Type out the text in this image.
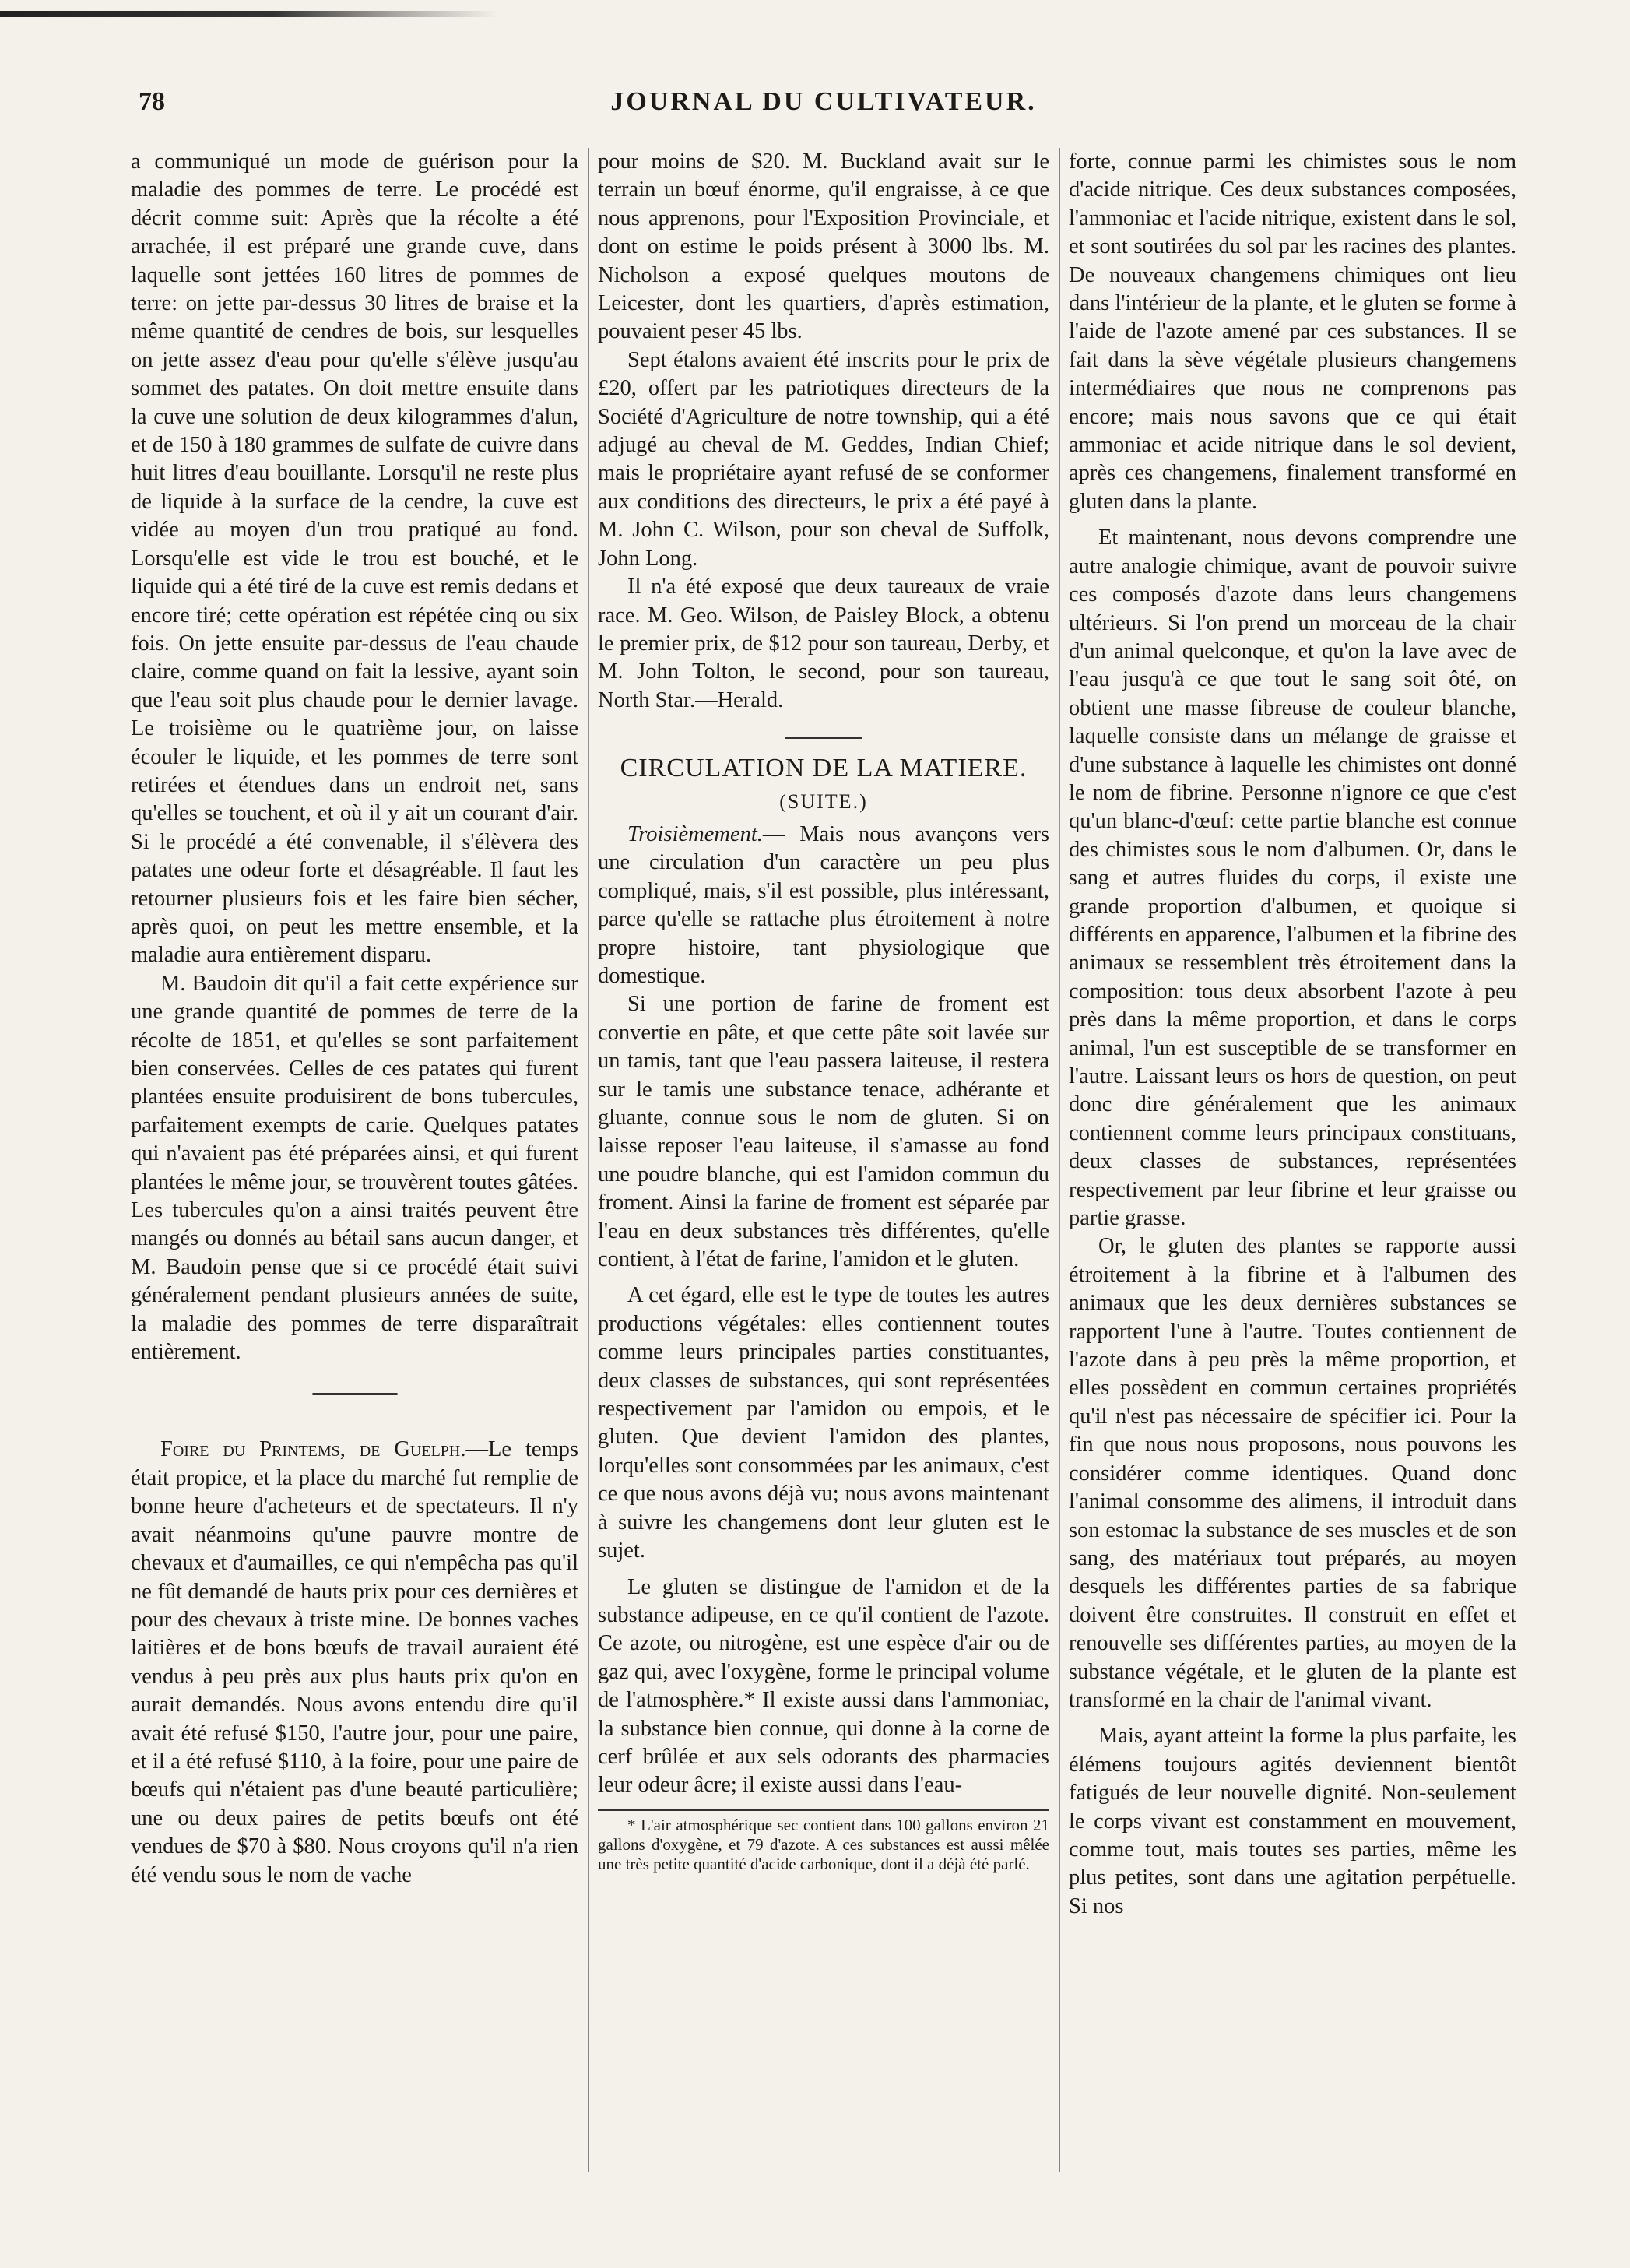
78	JOURNAL DU CULTIVATEUR.

a communiqué un mode de guérison pour la maladie des pommes de terre. Le procédé est décrit comme suit: Après que la récolte a été arrachée, il est préparé une grande cuve, dans laquelle sont jettées 160 litres de pommes de terre: on jette par-dessus 30 litres de braise et la même quantité de cendres de bois, sur lesquelles on jette assez d'eau pour qu'elle s'élève jusqu'au sommet des patates. On doit mettre ensuite dans la cuve une solution de deux kilogrammes d'alun, et de 150 à 180 grammes de sulfate de cuivre dans huit litres d'eau bouillante. Lorsqu'il ne reste plus de liquide à la surface de la cendre, la cuve est vidée au moyen d'un trou pratiqué au fond. Lorsqu'elle est vide le trou est bouché, et le liquide qui a été tiré de la cuve est remis dedans et encore tiré; cette opération est répétée cinq ou six fois. On jette ensuite par-dessus de l'eau chaude claire, comme quand on fait la lessive, ayant soin que l'eau soit plus chaude pour le dernier lavage. Le troisième ou le quatrième jour, on laisse écouler le liquide, et les pommes de terre sont retirées et étendues dans un endroit net, sans qu'elles se touchent, et où il y ait un courant d'air. Si le procédé a été convenable, il s'élèvera des patates une odeur forte et désagréable. Il faut les retourner plusieurs fois et les faire bien sécher, après quoi, on peut les mettre ensemble, et la maladie aura entièrement disparu.

M. Baudoin dit qu'il a fait cette expérience sur une grande quantité de pommes de terre de la récolte de 1851, et qu'elles se sont parfaitement bien conservées. Celles de ces patates qui furent plantées ensuite produisirent de bons tubercules, parfaitement exempts de carie. Quelques patates qui n'avaient pas été préparées ainsi, et qui furent plantées le même jour, se trouvèrent toutes gâtées. Les tubercules qu'on a ainsi traités peuvent être mangés ou donnés au bétail sans aucun danger, et M. Baudoin pense que si ce procédé était suivi généralement pendant plusieurs années de suite, la maladie des pommes de terre disparaîtrait entièrement.

Foire du Printems, de Guelph.—Le temps était propice, et la place du marché fut remplie de bonne heure d'acheteurs et de spectateurs. Il n'y avait néanmoins qu'une pauvre montre de chevaux et d'aumailles, ce qui n'empêcha pas qu'il ne fût demandé de hauts prix pour ces dernières et pour des chevaux à triste mine. De bonnes vaches laitières et de bons bœufs de travail auraient été vendus à peu près aux plus hauts prix qu'on en aurait demandés. Nous avons entendu dire qu'il avait été refusé $150, l'autre jour, pour une paire, et il a été refusé $110, à la foire, pour une paire de bœufs qui n'étaient pas d'une beauté particulière; une ou deux paires de petits bœufs ont été vendues de $70 à $80. Nous croyons qu'il n'a rien été vendu sous le nom de vache

pour moins de $20. M. Buckland avait sur le terrain un bœuf énorme, qu'il engraisse, à ce que nous apprenons, pour l'Exposition Provinciale, et dont on estime le poids présent à 3000 lbs. M. Nicholson a exposé quelques moutons de Leicester, dont les quartiers, d'après estimation, pouvaient peser 45 lbs.

Sept étalons avaient été inscrits pour le prix de £20, offert par les patriotiques directeurs de la Société d'Agriculture de notre township, qui a été adjugé au cheval de M. Geddes, Indian Chief; mais le propriétaire ayant refusé de se conformer aux conditions des directeurs, le prix a été payé à M. John C. Wilson, pour son cheval de Suffolk, John Long.

Il n'a été exposé que deux taureaux de vraie race. M. Geo. Wilson, de Paisley Block, a obtenu le premier prix, de $12 pour son taureau, Derby, et M. John Tolton, le second, pour son taureau, North Star.—Herald.

CIRCULATION DE LA MATIERE.
(SUITE.)

Troisièmement.— Mais nous avançons vers une circulation d'un caractère un peu plus compliqué, mais, s'il est possible, plus intéressant, parce qu'elle se rattache plus étroitement à notre propre histoire, tant physiologique que domestique.

Si une portion de farine de froment est convertie en pâte, et que cette pâte soit lavée sur un tamis, tant que l'eau passera laiteuse, il restera sur le tamis une substance tenace, adhérante et gluante, connue sous le nom de gluten. Si on laisse reposer l'eau laiteuse, il s'amasse au fond une poudre blanche, qui est l'amidon commun du froment. Ainsi la farine de froment est séparée par l'eau en deux substances très différentes, qu'elle contient, à l'état de farine, l'amidon et le gluten.

A cet égard, elle est le type de toutes les autres productions végétales: elles contiennent toutes comme leurs principales parties constituantes, deux classes de substances, qui sont représentées respectivement par l'amidon ou empois, et le gluten. Que devient l'amidon des plantes, lorqu'elles sont consommées par les animaux, c'est ce que nous avons déjà vu; nous avons maintenant à suivre les changemens dont leur gluten est le sujet.

Le gluten se distingue de l'amidon et de la substance adipeuse, en ce qu'il contient de l'azote. Ce azote, ou nitrogène, est une espèce d'air ou de gaz qui, avec l'oxygène, forme le principal volume de l'atmosphère.* Il existe aussi dans l'ammoniac, la substance bien connue, qui donne à la corne de cerf brûlée et aux sels odorants des pharmacies leur odeur âcre; il existe aussi dans l'eau-

* L'air atmosphérique sec contient dans 100 gallons environ 21 gallons d'oxygène, et 79 d'azote. A ces substances est aussi mêlée une très petite quantité d'acide carbonique, dont il a déjà été parlé.

forte, connue parmi les chimistes sous le nom d'acide nitrique. Ces deux substances composées, l'ammoniac et l'acide nitrique, existent dans le sol, et sont soutirées du sol par les racines des plantes. De nouveaux changemens chimiques ont lieu dans l'intérieur de la plante, et le gluten se forme à l'aide de l'azote amené par ces substances. Il se fait dans la sève végétale plusieurs changemens intermédiaires que nous ne comprenons pas encore; mais nous savons que ce qui était ammoniac et acide nitrique dans le sol devient, après ces changemens, finalement transformé en gluten dans la plante.

Et maintenant, nous devons comprendre une autre analogie chimique, avant de pouvoir suivre ces composés d'azote dans leurs changemens ultérieurs. Si l'on prend un morceau de la chair d'un animal quelconque, et qu'on la lave avec de l'eau jusqu'à ce que tout le sang soit ôté, on obtient une masse fibreuse de couleur blanche, laquelle consiste dans un mélange de graisse et d'une substance à laquelle les chimistes ont donné le nom de fibrine. Personne n'ignore ce que c'est qu'un blanc-d'œuf: cette partie blanche est connue des chimistes sous le nom d'albumen. Or, dans le sang et autres fluides du corps, il existe une grande proportion d'albumen, et quoique si différents en apparence, l'albumen et la fibrine des animaux se ressemblent très étroitement dans la composition: tous deux absorbent l'azote à peu près dans la même proportion, et dans le corps animal, l'un est susceptible de se transformer en l'autre. Laissant leurs os hors de question, on peut donc dire généralement que les animaux contiennent comme leurs principaux constituans, deux classes de substances, représentées respectivement par leur fibrine et leur graisse ou partie grasse.

Or, le gluten des plantes se rapporte aussi étroitement à la fibrine et à l'albumen des animaux que les deux dernières substances se rapportent l'une à l'autre. Toutes contiennent de l'azote dans à peu près la même proportion, et elles possèdent en commun certaines propriétés qu'il n'est pas nécessaire de spécifier ici. Pour la fin que nous nous proposons, nous pouvons les considérer comme identiques. Quand donc l'animal consomme des alimens, il introduit dans son estomac la substance de ses muscles et de son sang, des matériaux tout préparés, au moyen desquels les différentes parties de sa fabrique doivent être construites. Il construit en effet et renouvelle ses différentes parties, au moyen de la substance végétale, et le gluten de la plante est transformé en la chair de l'animal vivant.

Mais, ayant atteint la forme la plus parfaite, les élémens toujours agités deviennent bientôt fatigués de leur nouvelle dignité. Non-seulement le corps vivant est constamment en mouvement, comme tout, mais toutes ses parties, même les plus petites, sont dans une agitation perpétuelle. Si nos
